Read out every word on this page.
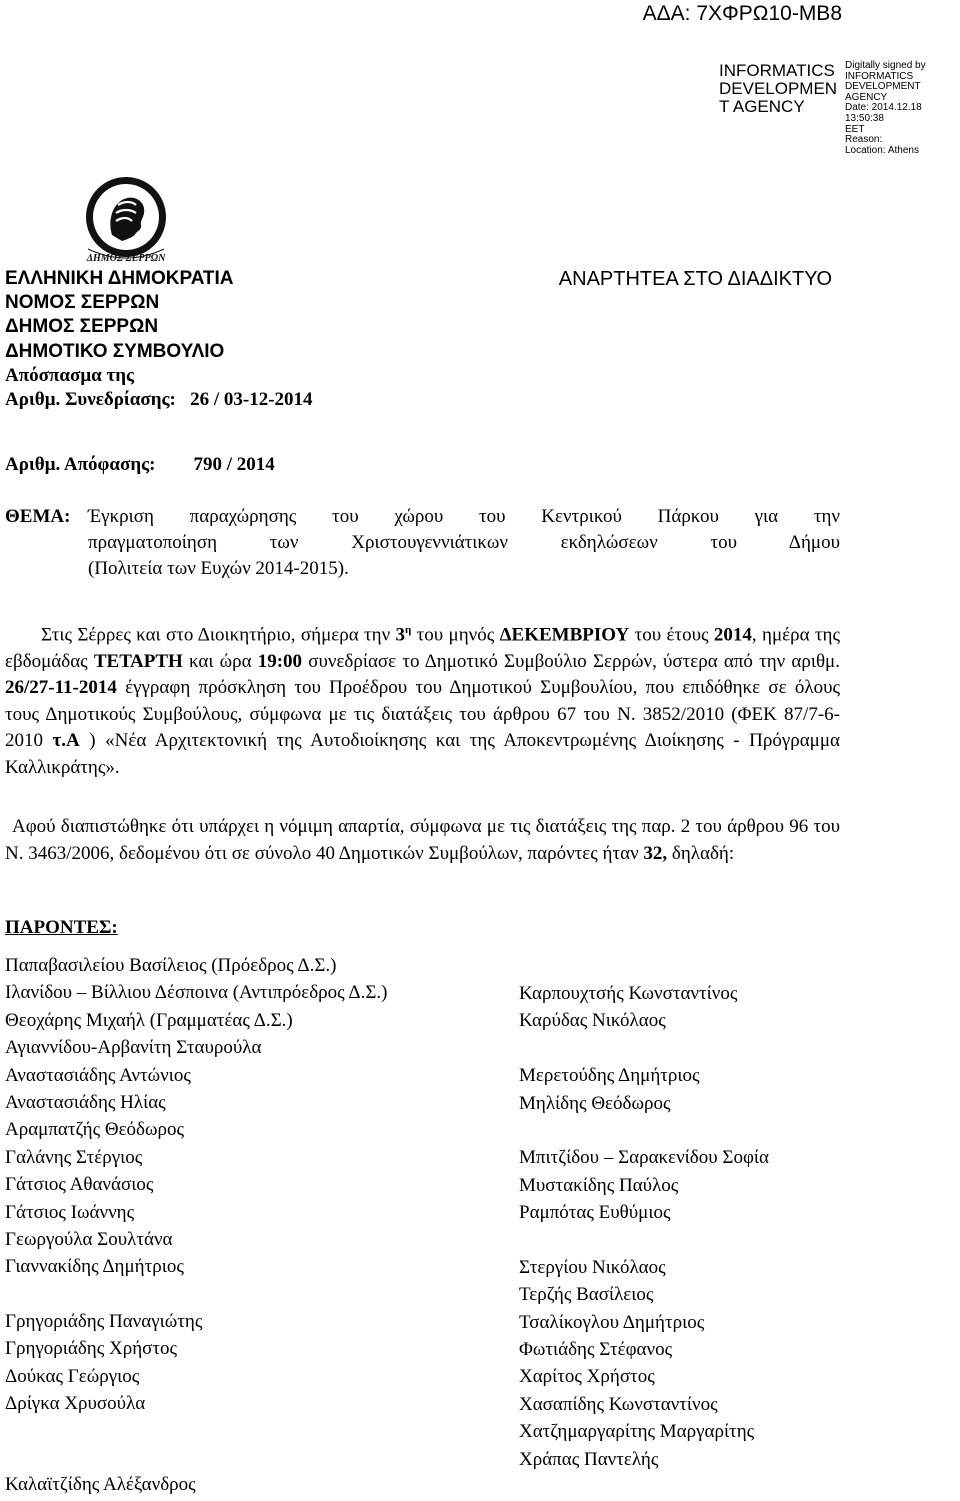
ΑΔΑ: 7ΧΦΡΩ10-ΜΒ8
INFORMATICS
DEVELOPMEN
T AGENCY
Digitally signed by
INFORMATICS
DEVELOPMENT AGENCY
Date: 2014.12.18 13:50:38
EET
Reason:
Location: Athens
ΔΗΜΟΣ ΣΕΡΡΩΝ
ΕΛΛΗΝΙΚΗ ΔΗΜΟΚΡΑΤΙΑ
ΝΟΜΟΣ ΣΕΡΡΩΝ
ΔΗΜΟΣ ΣΕΡΡΩΝ
ΔΗΜΟΤΙΚΟ ΣΥΜΒΟΥΛΙΟ
Απόσπασμα της
Αριθμ. Συνεδρίασης:   26 / 03-12-2014
ΑΝΑΡΤΗΤΕΑ ΣΤΟ ΔΙΑΔΙΚΤΥΟ
Αριθμ. Απόφασης:        790 / 2014
ΘΕΜΑ: Έγκριση παραχώρησης του χώρου του Κεντρικού Πάρκου για την
πραγματοποίηση των Χριστουγεννιάτικων εκδηλώσεων του Δήμου
(Πολιτεία των Ευχών 2014-2015).
Στις Σέρρες και στο Διοικητήριο, σήμερα την $3^\eta$ του μηνός ΔΕΚΕΜΒΡΙΟΥ του έτους 2014, ημέρα της εβδομάδας ΤΕΤΑΡΤΗ και ώρα 19:00 συνεδρίασε το Δημοτικό Συμβούλιο Σερρών, ύστερα από την αριθμ. 26/27-11-2014 έγγραφη πρόσκληση του Προέδρου του Δημοτικού Συμβουλίου, που επιδόθηκε σε όλους τους Δημοτικούς Συμβούλους, σύμφωνα με τις διατάξεις του άρθρου 67 του Ν. 3852/2010 (ΦΕΚ 87/7-6-2010 τ.Α ) «Νέα Αρχιτεκτονική της Αυτοδιοίκησης και της Αποκεντρωμένης Διοίκησης - Πρόγραμμα Καλλικράτης».
Αφού διαπιστώθηκε ότι υπάρχει η νόμιμη απαρτία, σύμφωνα με τις διατάξεις της παρ. 2 του άρθρου 96 του Ν. 3463/2006, δεδομένου ότι σε σύνολο 40 Δημοτικών Συμβούλων, παρόντες ήταν 32, δηλαδή:
ΠΑΡΟΝΤΕΣ:
Παπαβασιλείου Βασίλειος (Πρόεδρος Δ.Σ.)
Ιλανίδου – Βίλλιου Δέσποινα (Αντιπρόεδρος Δ.Σ.)
Θεοχάρης Μιχαήλ (Γραμματέας Δ.Σ.)
Αγιαννίδου-Αρβανίτη Σταυρούλα
Αναστασιάδης Αντώνιος
Αναστασιάδης Ηλίας
Αραμπατζής Θεόδωρος
Γαλάνης Στέργιος
Γάτσιος Αθανάσιος
Γάτσιος Ιωάννης
Γεωργούλα Σουλτάνα
Γιαννακίδης Δημήτριος
Γρηγοριάδης Παναγιώτης
Γρηγοριάδης Χρήστος
Δούκας Γεώργιος
Δρίγκα Χρυσούλα
Καρπουχτσής Κωνσταντίνος
Καρύδας Νικόλαος
Μερετούδης Δημήτριος
Μηλίδης Θεόδωρος
Μπιτζίδου – Σαρακενίδου Σοφία
Μυστακίδης Παύλος
Ραμπότας Ευθύμιος
Στεργίου Νικόλαος
Τερζής Βασίλειος
Τσαλίκογλου Δημήτριος
Φωτιάδης Στέφανος
Χαρίτος Χρήστος
Χασαπίδης Κωνσταντίνος
Χατζημαργαρίτης Μαργαρίτης
Χράπας Παντελής
Καλαϊτζίδης Αλέξανδρος
